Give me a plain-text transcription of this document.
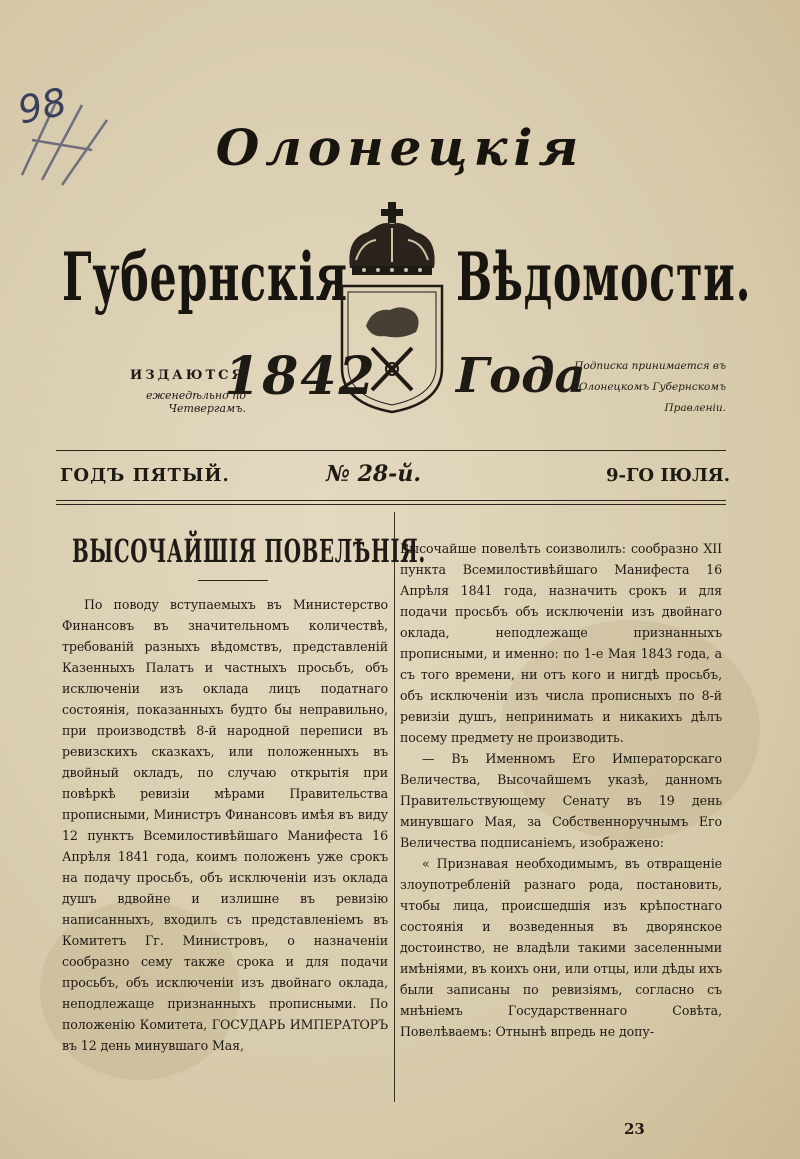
98
Олонецкія
Губернскія Вѣдомости.
ИЗДАЮТСЯ
еженедѣльно по Четвергамъ.
1842 Года
Подписка принимается въ
Олонецкомъ Губернскомъ
Правленіи.
ГОДЪ ПЯТЫЙ.	№ 28-й.	9-ГО ІЮЛЯ.
ВЫСОЧАЙШІЯ ПОВЕЛѢНІЯ.

По поводу вступаемыхъ въ Министерство Финансовъ въ значительномъ количествѣ, требованій разныхъ вѣдомствъ, представленій Казенныхъ Палатъ и частныхъ просьбъ, объ исключеніи изъ оклада лицъ податнаго состоянія, показанныхъ будто бы неправильно, при производствѣ 8-й народной переписи въ ревизскихъ сказкахъ, или положенныхъ въ двойный окладъ, по случаю открытія при повѣркѣ ревизіи мѣрами Правительства прописными, Министръ Финансовъ имѣя въ виду 12 пунктъ Всемилостивѣйшаго Манифеста 16 Апрѣля 1841 года, коимъ положенъ уже срокъ на подачу просьбъ, объ исключеніи изъ оклада душъ вдвойне и излишне въ ревизію написанныхъ, входилъ съ представленіемъ въ Комитетъ Гг. Министровъ, о назначеніи сообразно сему также срока и для подачи просьбъ, объ исключеніи изъ двойнаго оклада, неподлежаще признанныхъ прописными. По положенію Комитета, ГОСУДАРЬ ИМПЕРАТОРЪ въ 12 день минувшаго Мая,

Высочайше повелѣть соизволилъ: сообразно XII пункта Всемилостивѣйшаго Манифеста 16 Апрѣля 1841 года, назначить срокъ и для подачи просьбъ объ исключеніи изъ двойнаго оклада, неподлежаще признанныхъ прописными, и именно: по 1-е Мая 1843 года, а съ того времени, ни отъ кого и нигдѣ просьбъ, объ исключеніи изъ числа прописныхъ по 8-й ревизіи душъ, непринимать и никакихъ дѣлъ посему предмету не производить.

— Въ Именномъ Его Императорскаго Величества, Высочайшемъ указѣ, данномъ Правительствующему Сенату въ 19 день минувшаго Мая, за Собственноручнымъ Его Величества подписаніемъ, изображено:

« Признавая необходимымъ, въ отвращеніе злоупотребленій разнаго рода, постановить, чтобы лица, происшедшія изъ крѣпостнаго состоянія и возведенныя въ дворянское достоинство, не владѣли такими заселенными имѣніями, въ коихъ они, или отцы, или дѣды ихъ были записаны по ревизіямъ, согласно съ мнѣніемъ Государственнаго Совѣта, Повелѣваемъ: Отнынѣ впредь не допу-

23
